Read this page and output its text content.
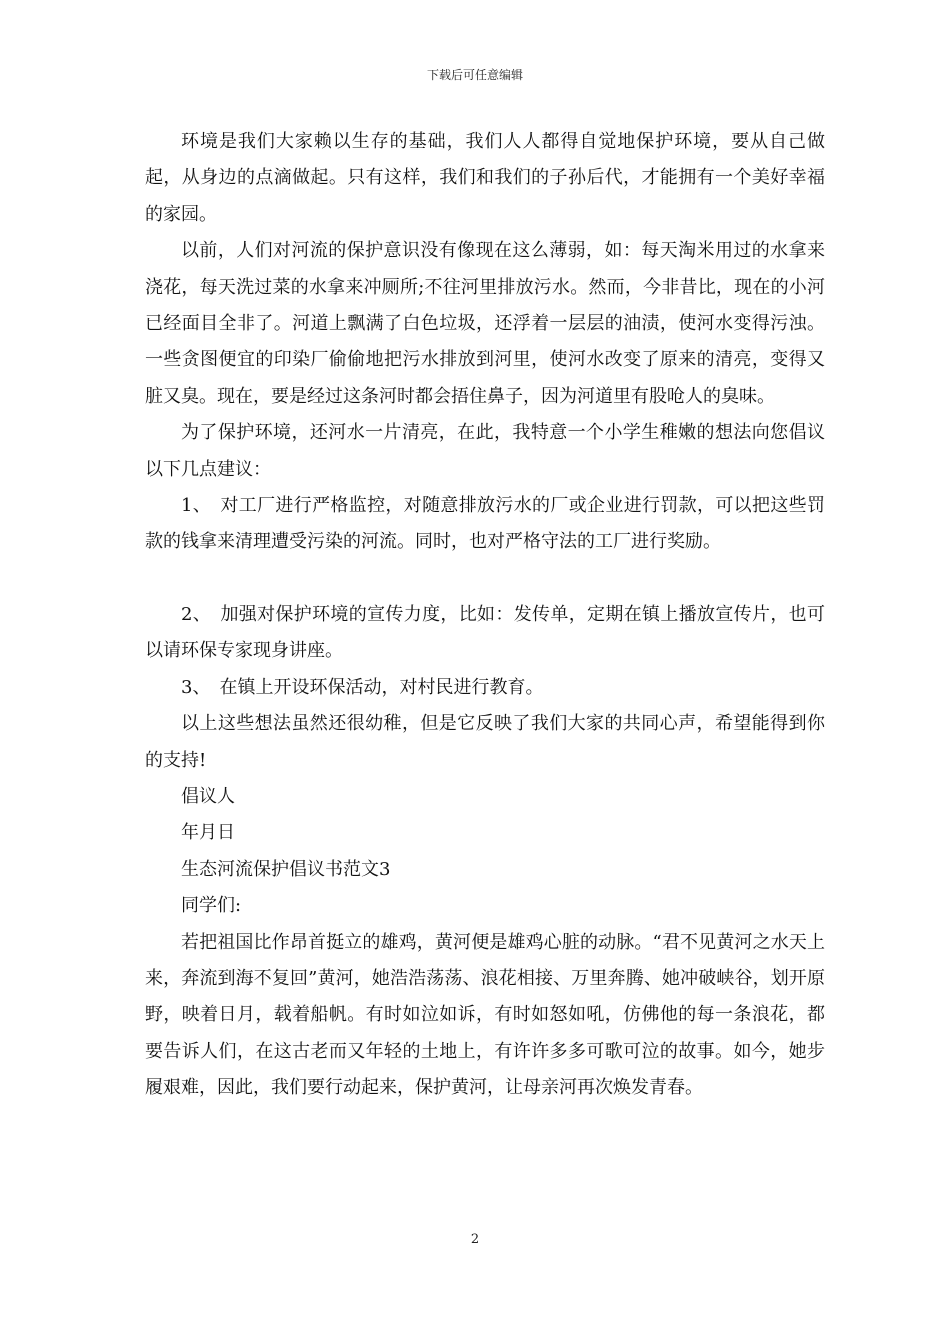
下载后可任意编辑

环境是我们大家赖以生存的基础，我们人人都得自觉地保护环境，要从自己做起，从身边的点滴做起。只有这样，我们和我们的子孙后代，才能拥有一个美好幸福的家园。

以前，人们对河流的保护意识没有像现在这么薄弱，如：每天淘米用过的水拿来浇花，每天洗过菜的水拿来冲厕所;不往河里排放污水。然而，今非昔比，现在的小河已经面目全非了。河道上飘满了白色垃圾，还浮着一层层的油渍，使河水变得污浊。一些贪图便宜的印染厂偷偷地把污水排放到河里，使河水改变了原来的清亮，变得又脏又臭。现在，要是经过这条河时都会捂住鼻子，因为河道里有股呛人的臭味。

为了保护环境，还河水一片清亮，在此，我特意一个小学生稚嫩的想法向您倡议以下几点建议：

1、　对工厂进行严格监控，对随意排放污水的厂或企业进行罚款，可以把这些罚款的钱拿来清理遭受污染的河流。同时，也对严格守法的工厂进行奖励。

2、　加强对保护环境的宣传力度，比如：发传单，定期在镇上播放宣传片，也可以请环保专家现身讲座。

3、　在镇上开设环保活动，对村民进行教育。

以上这些想法虽然还很幼稚，但是它反映了我们大家的共同心声，希望能得到你的支持!

倡议人

年月日

生态河流保护倡议书范文3

同学们:

若把祖国比作昂首挺立的雄鸡，黄河便是雄鸡心脏的动脉。“君不见黄河之水天上来，奔流到海不复回”黄河，她浩浩荡荡、浪花相接、万里奔腾、她冲破峡谷，划开原野，映着日月，载着船帆。有时如泣如诉，有时如怒如吼，仿佛他的每一条浪花，都要告诉人们，在这古老而又年轻的土地上，有许许多多可歌可泣的故事。如今，她步履艰难，因此，我们要行动起来，保护黄河，让母亲河再次焕发青春。

2
